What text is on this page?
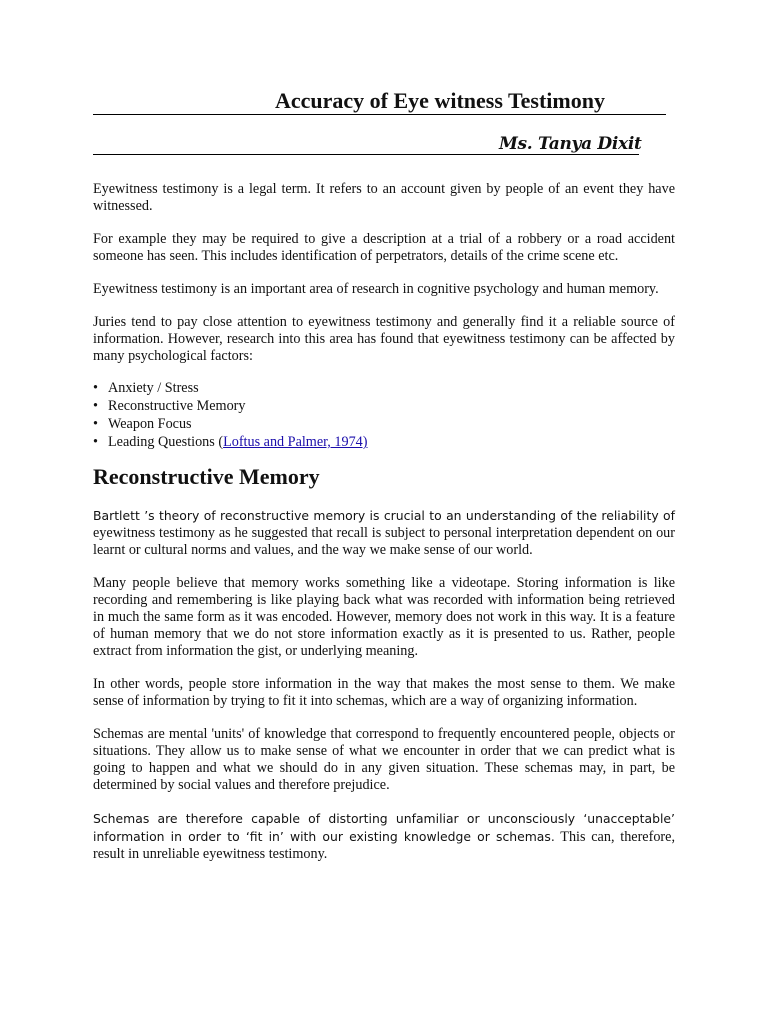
Accuracy of Eye witness Testimony
Ms. Tanya Dixit

Eyewitness testimony is a legal term. It refers to an account given by people of an event they have witnessed.

For example they may be required to give a description at a trial of a robbery or a road accident someone has seen. This includes identification of perpetrators, details of the crime scene etc.

Eyewitness testimony is an important area of research in cognitive psychology and human memory.

Juries tend to pay close attention to eyewitness testimony and generally find it a reliable source of information. However, research into this area has found that eyewitness testimony can be affected by many psychological factors:

• Anxiety / Stress
• Reconstructive Memory
• Weapon Focus
• Leading Questions (Loftus and Palmer, 1974)
Reconstructive Memory

Bartlett ’s theory of reconstructive memory is crucial to an understanding of the reliability of eyewitness testimony as he suggested that recall is subject to personal interpretation dependent on our learnt or cultural norms and values, and the way we make sense of our world.

Many people believe that memory works something like a videotape. Storing information is like recording and remembering is like playing back what was recorded with information being retrieved in much the same form as it was encoded. However, memory does not work in this way. It is a feature of human memory that we do not store information exactly as it is presented to us. Rather, people extract from information the gist, or underlying meaning.

In other words, people store information in the way that makes the most sense to them. We make sense of information by trying to fit it into schemas, which are a way of organizing information.

Schemas are mental 'units' of knowledge that correspond to frequently encountered people, objects or situations. They allow us to make sense of what we encounter in order that we can predict what is going to happen and what we should do in any given situation. These schemas may, in part, be determined by social values and therefore prejudice.

Schemas are therefore capable of distorting unfamiliar or unconsciously ‘unacceptable’ information in order to ‘fit in’ with our existing knowledge or schemas. This can, therefore, result in unreliable eyewitness testimony.
